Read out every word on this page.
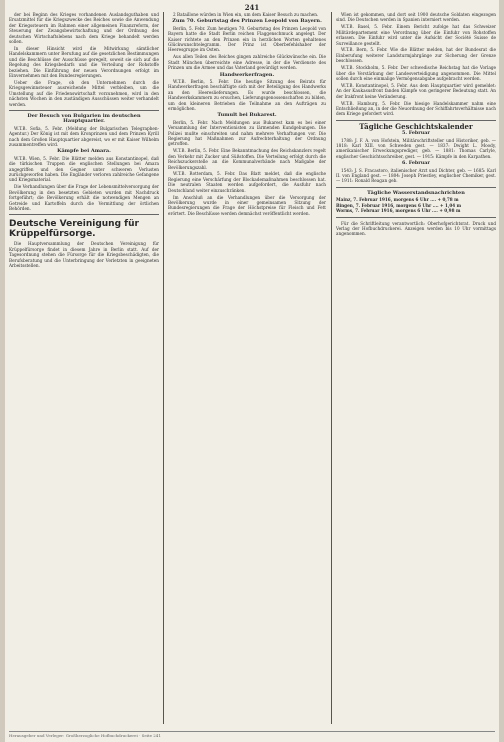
241

der bei Beginn des Krieges vorhandenen Auslandsguthaben und Ersatzmittel für die Kriegszwecke des Reiches sowie die Anwendung der Kriegssteuern im Rahmen einer allgemeinen Finanzreform, der Steuerung der Zwangsbewirtschaftung und der Ordnung des deutschen Wirtschaftslebens nach dem Kriege behandelt werden sollen.

In dieser Hinsicht wird die Mitwirkung sämtlicher Handelskammern unter Berufung auf die gesetzlichen Bestimmungen und die Beschlüsse der Ausschüsse geregelt, soweit sie sich auf die Regelung des Kriegsbedarfs und die Verteilung der Rohstoffe beziehen. Die Einführung der neuen Verordnungen erfolgt im Einvernehmen mit den Bundesregierungen.

Ueber die Frage, ob den Unternehmen durch die Kriegsgewinnsteuer ausreichende Mittel verbleiben, um die Umstellung auf die Friedenswirtschaft vorzunehmen, wird in den nächsten Wochen in den zuständigen Ausschüssen weiter verhandelt werden.

Der Besuch von Bulgarien im deutschen Hauptquartier.

W.T.B. Sofia, 5. Febr. (Meldung der Bulgarischen Telegraphen-Agentur.) Der König ist mit dem Kronprinzen und dem Prinzen Kyrill nach dem Großen Hauptquartier abgereist, wo er mit Kaiser Wilhelm zusammentreffen wird.

Kämpfe bei Amara.

W.T.B. Wien, 5. Febr. Die Blätter melden aus Konstantinopel, daß die türkischen Truppen die englischen Stellungen bei Amara angegriffen und den Gegner unter schweren Verlusten zurückgeworfen haben. Die Engländer verloren zahlreiche Gefangene und Kriegsmaterial.

Die Verhandlungen über die Frage der Lebensmittelversorgung der Bevölkerung in den besetzten Gebieten wurden mit Nachdruck fortgeführt; die Bevölkerung erhält die notwendigen Mengen an Getreide und Kartoffeln durch die Vermittlung der örtlichen Behörden.

Deutsche Vereinigung für Krüppelfürsorge.

Die Hauptversammlung der Deutschen Vereinigung für Krüppelfürsorge findet in diesem Jahre in Berlin statt. Auf der Tagesordnung stehen die Fürsorge für die Kriegsbeschädigten, die Berufsberatung und die Unterbringung der Verletzten in geeigneten Arbeitsstellen.

2 Bataillone würden in Wien ein, um dem Kaiser Besuch zu machen.

Zum 70. Geburtstag des Prinzen Leopold von Bayern.

Berlin, 5. Febr. Zum heutigen 70. Geburtstag des Prinzen Leopold von Bayern hatte die Stadt Berlin reichen Flaggenschmuck angelegt. Der Kaiser richtete an den Prinzen ein in herzlichen Worten gehaltenes Glückwunschtelegramm. Der Prinz ist Oberbefehlshaber der Heeresgruppe im Osten.

Aus allen Teilen des Reiches gingen zahlreiche Glückwünsche ein. Die Stadt München überreichte eine Adresse, in der die Verdienste des Prinzen um die Armee und das Vaterland gewürdigt werden.

Handwerkerfragen.

W.T.B. Berlin, 5. Febr. Die heutige Sitzung des Beirats für Handwerkerfragen beschäftigte sich mit der Beteiligung des Handwerks an den Heereslieferungen. Es wurde beschlossen, die Handwerkskammern zu ersuchen, Lieferungsgenossenschaften zu bilden, um den kleineren Betrieben die Teilnahme an den Aufträgen zu ermöglichen.

Tumult bei Bukarest.

Berlin, 5. Febr. Nach Meldungen aus Bukarest kam es bei einer Versammlung der Interventionisten zu lärmenden Kundgebungen. Die Polizei mußte einschreiten und nahm mehrere Verhaftungen vor. Die Regierung hat Maßnahmen zur Aufrechterhaltung der Ordnung getroffen.

W.T.B. Berlin, 5. Febr. Eine Bekanntmachung des Reichskanzlers regelt den Verkehr mit Zucker und Süßstoffen. Die Verteilung erfolgt durch die Reichszuckerstelle an die Kommunalverbände nach Maßgabe der Bevölkerungszahl.

W.T.B. Rotterdam, 5. Febr. Das Blatt meldet, daß die englische Regierung eine Verschärfung der Blockademaßnahmen beschlossen hat. Die neutralen Staaten werden aufgefordert, die Ausfuhr nach Deutschland weiter einzuschränken.

Im Anschluß an die Verhandlungen über die Versorgung der Bevölkerung wurde in einer gemeinsamen Sitzung der Bundesregierungen die Frage der Höchstpreise für Fleisch und Fett erörtert. Die Beschlüsse werden demnächst veröffentlicht werden.

Wien ist gekommen, und dort seit 1900 deutsche Soldaten eingezogen sind. Die Deutschen werden in Spanien interniert werden.

W.T.B. Basel, 5. Febr. Einem Bericht zufolge hat das Schweizer Militärdepartement eine Verordnung über die Einfuhr von Rohstoffen erlassen. Die Einfuhr wird unter die Aufsicht der Société Suisse de Surveillance gestellt.

W.T.B. Bern, 5. Febr. Wie die Blätter melden, hat der Bundesrat die Einberufung weiterer Landsturmjahrgänge zur Sicherung der Grenze beschlossen.

W.T.B. Stockholm, 5. Febr. Der schwedische Reichstag hat die Vorlage über die Verstärkung der Landesverteidigung angenommen. Die Mittel sollen durch eine einmalige Vermögensabgabe aufgebracht werden.

W.T.B. Konstantinopel, 5. Febr. Aus dem Hauptquartier wird gemeldet: An der Kaukasusfront fanden Kämpfe von geringerer Bedeutung statt. An der Irakfront keine Veränderung.

W.T.B. Hamburg, 5. Febr. Die hiesige Handelskammer nahm eine Entschließung an, in der die Neuordnung der Schiffahrtsverhältnisse nach dem Kriege gefordert wird.

Tägliche Geschichtskalender
5. Februar

1788: J. F. A. von Hofstein, Militärschriftsteller und Historiker, geb. — 1818: Karl XIII. von Schweden gest. — 1837: Dwight L. Moody, amerikanischer Erweckungsprediger, geb. — 1881: Thomas Carlyle, englischer Geschichtsschreiber, gest. — 1915: Kämpfe in den Karpathen.

6. Februar

1543: J. S. Fracastoro, italienischer Arzt und Dichter, geb. — 1685: Karl II. von England gest. — 1804: Joseph Priestley, englischer Chemiker, gest. — 1911: Ronald Reagan geb.

Tägliche Wasserstandsnachrichten
Mainz, 7. Februar 1916, morgens 6 Uhr .... + 0,78 m
Bingen, 7. Februar 1916, morgens 6 Uhr .... + 1,04 m
Worms, 7. Februar 1916, morgens 6 Uhr .... + 0,98 m

Für die Schriftleitung verantwortlich: Oberhofgerichtsrat. Druck und Verlag der Hofbuchdruckerei. Anzeigen werden bis 10 Uhr vormittags angenommen.

Herausgeber und Verleger: Großherzogliche Hofbuchdruckerei · Seite 241
